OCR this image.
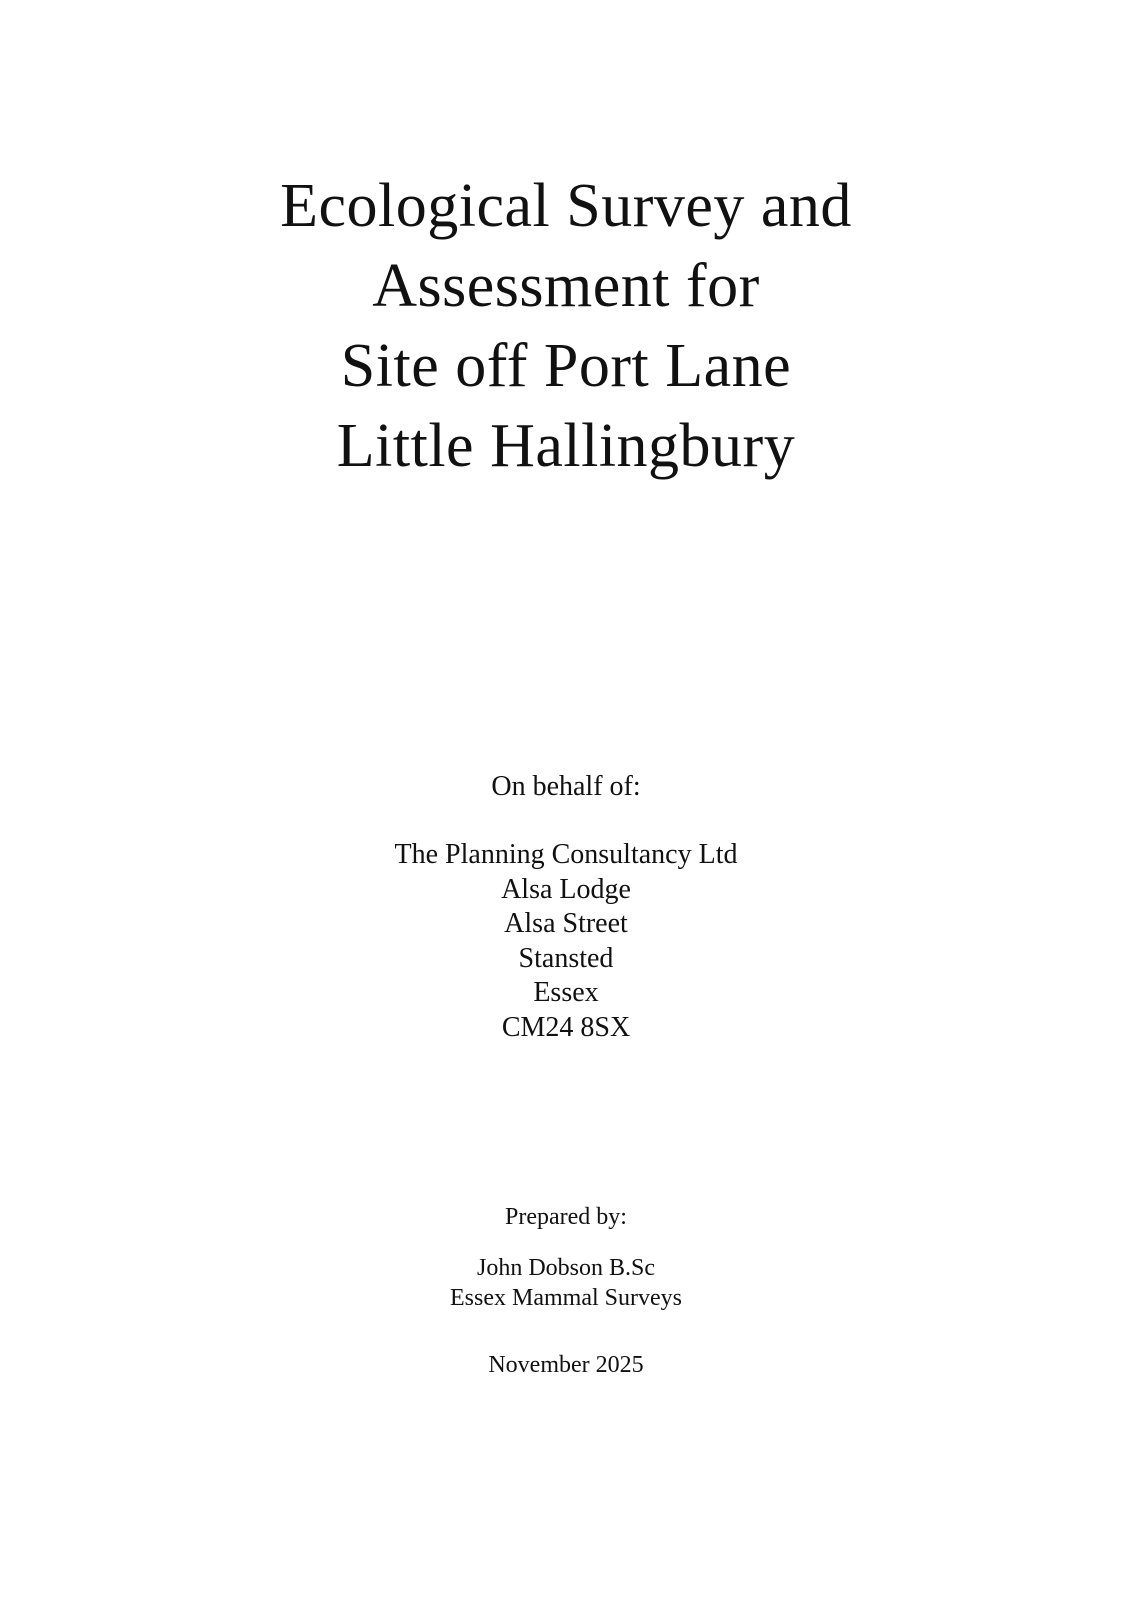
Ecological Survey and
Assessment for
Site off Port Lane
Little Hallingbury
On behalf of:
The Planning Consultancy Ltd
Alsa Lodge
Alsa Street
Stansted
Essex
CM24 8SX
Prepared by:
John Dobson B.Sc
Essex Mammal Surveys
November 2025
